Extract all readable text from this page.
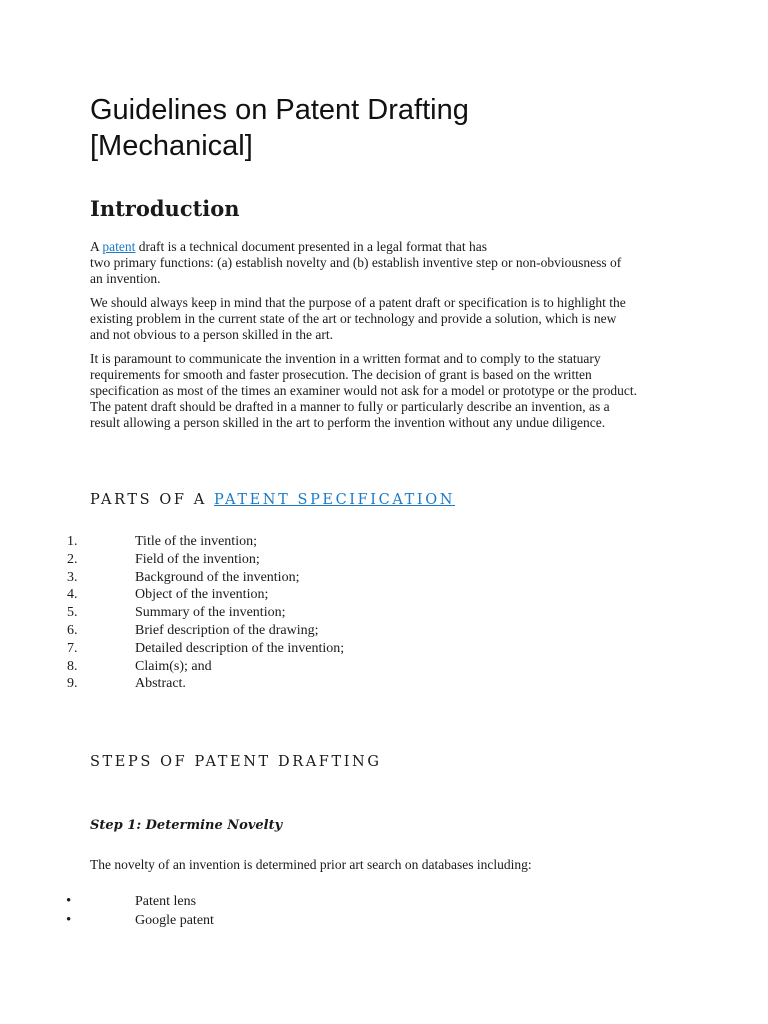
Guidelines on Patent Drafting
[Mechanical]
Introduction

A patent draft is a technical document presented in a legal format that has
two primary functions: (a) establish novelty and (b) establish inventive step or non-obviousness of
an invention.

We should always keep in mind that the purpose of a patent draft or specification is to highlight the
existing problem in the current state of the art or technology and provide a solution, which is new
and not obvious to a person skilled in the art.

It is paramount to communicate the invention in a written format and to comply to the statuary
requirements for smooth and faster prosecution. The decision of grant is based on the written
specification as most of the times an examiner would not ask for a model or prototype or the product.
The patent draft should be drafted in a manner to fully or particularly describe an invention, as a
result allowing a person skilled in the art to perform the invention without any undue diligence.

PARTS OF A PATENT SPECIFICATION
1.	Title of the invention;
2.	Field of the invention;
3.	Background of the invention;
4.	Object of the invention;
5.	Summary of the invention;
6.	Brief description of the drawing;
7.	Detailed description of the invention;
8.	Claim(s); and
9.	Abstract.
STEPS OF PATENT DRAFTING
Step 1: Determine Novelty

The novelty of an invention is determined prior art search on databases including:

•	Patent lens
•	Google patent
